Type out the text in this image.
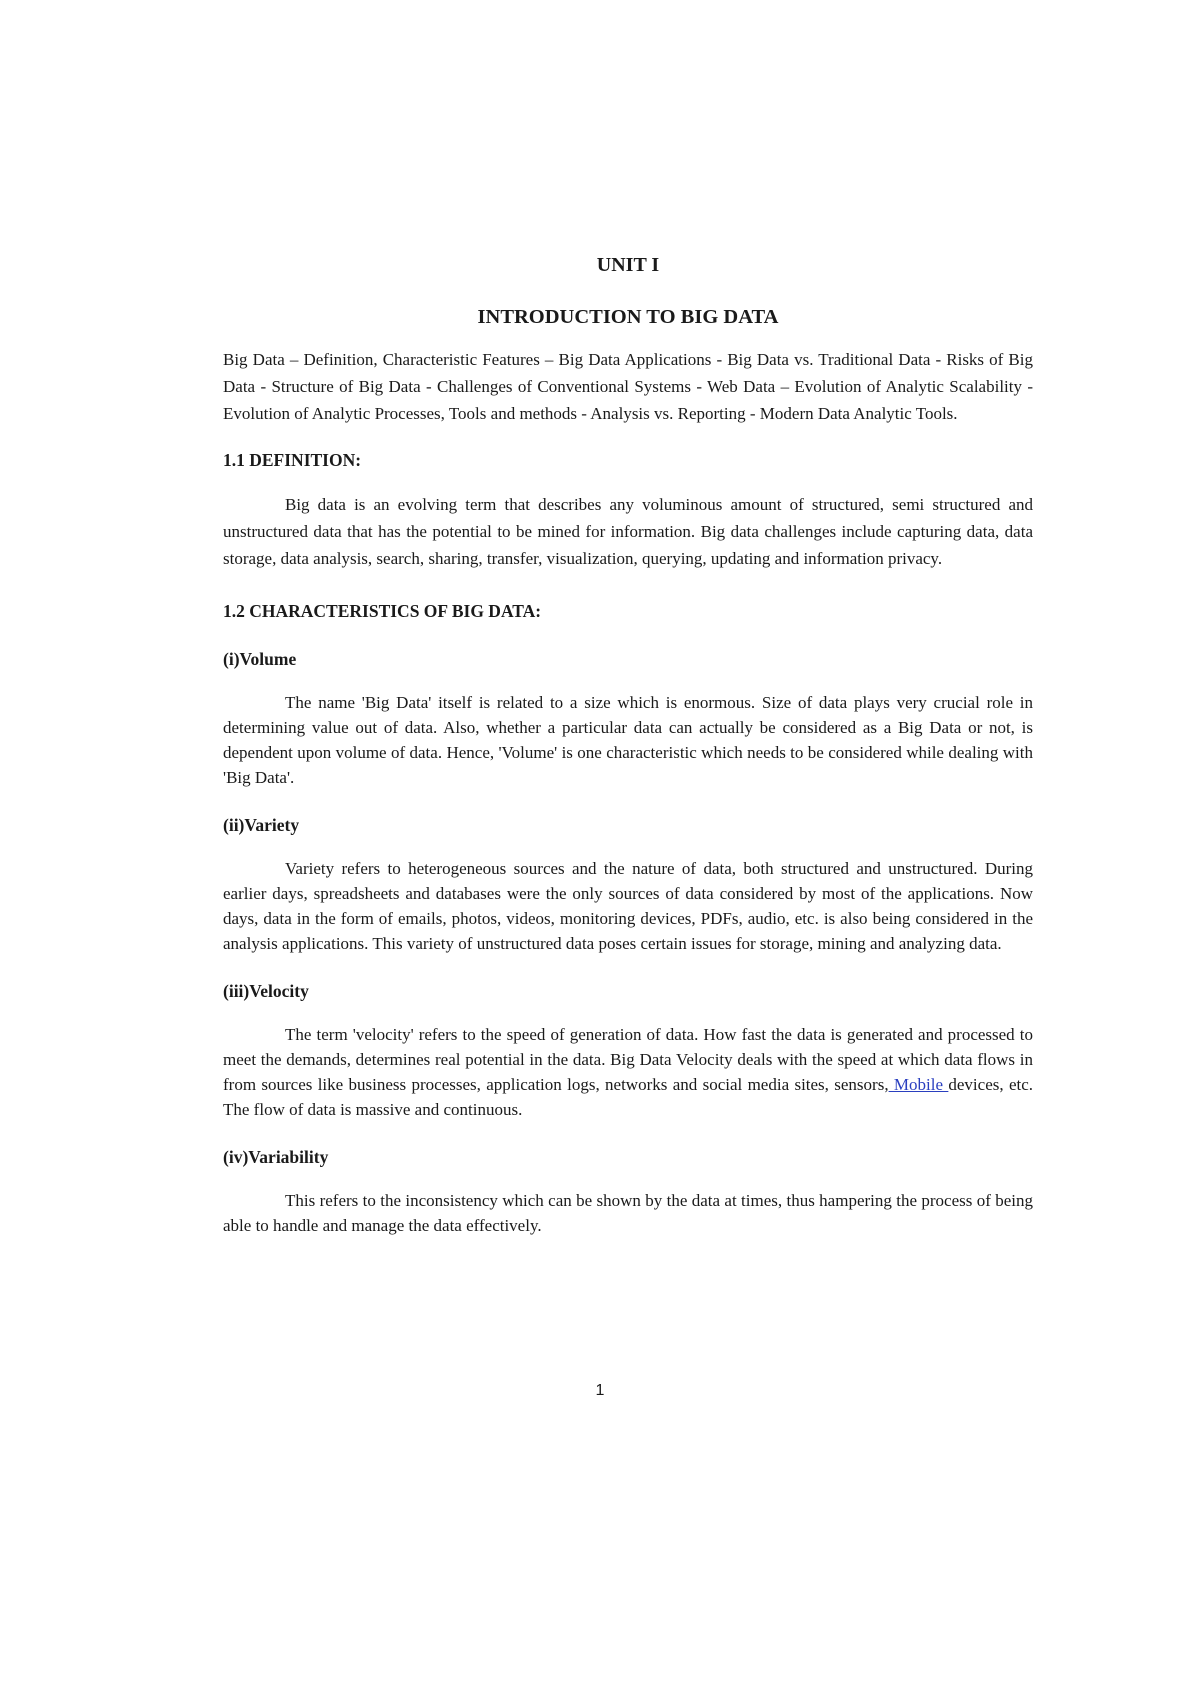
UNIT I
INTRODUCTION TO BIG DATA

Big Data – Definition, Characteristic Features – Big Data Applications - Big Data vs. Traditional Data - Risks of Big Data - Structure of Big Data - Challenges of Conventional Systems - Web Data – Evolution of Analytic Scalability - Evolution of Analytic Processes, Tools and methods - Analysis vs. Reporting - Modern Data Analytic Tools.

1.1 DEFINITION:

Big data is an evolving term that describes any voluminous amount of structured, semi structured and unstructured data that has the potential to be mined for information. Big data challenges include capturing data, data storage, data analysis, search, sharing, transfer, visualization, querying, updating and information privacy.

1.2 CHARACTERISTICS OF BIG DATA:
(i)Volume

The name 'Big Data' itself is related to a size which is enormous. Size of data plays very crucial role in determining value out of data. Also, whether a particular data can actually be considered as a Big Data or not, is dependent upon volume of data. Hence, 'Volume' is one characteristic which needs to be considered while dealing with 'Big Data'.

(ii)Variety

Variety refers to heterogeneous sources and the nature of data, both structured and unstructured. During earlier days, spreadsheets and databases were the only sources of data considered by most of the applications. Now days, data in the form of emails, photos, videos, monitoring devices, PDFs, audio, etc. is also being considered in the analysis applications. This variety of unstructured data poses certain issues for storage, mining and analyzing data.

(iii)Velocity

The term 'velocity' refers to the speed of generation of data. How fast the data is generated and processed to meet the demands, determines real potential in the data. Big Data Velocity deals with the speed at which data flows in from sources like business processes, application logs, networks and social media sites, sensors, Mobile devices, etc. The flow of data is massive and continuous.

(iv)Variability

This refers to the inconsistency which can be shown by the data at times, thus hampering the process of being able to handle and manage the data effectively.

1
